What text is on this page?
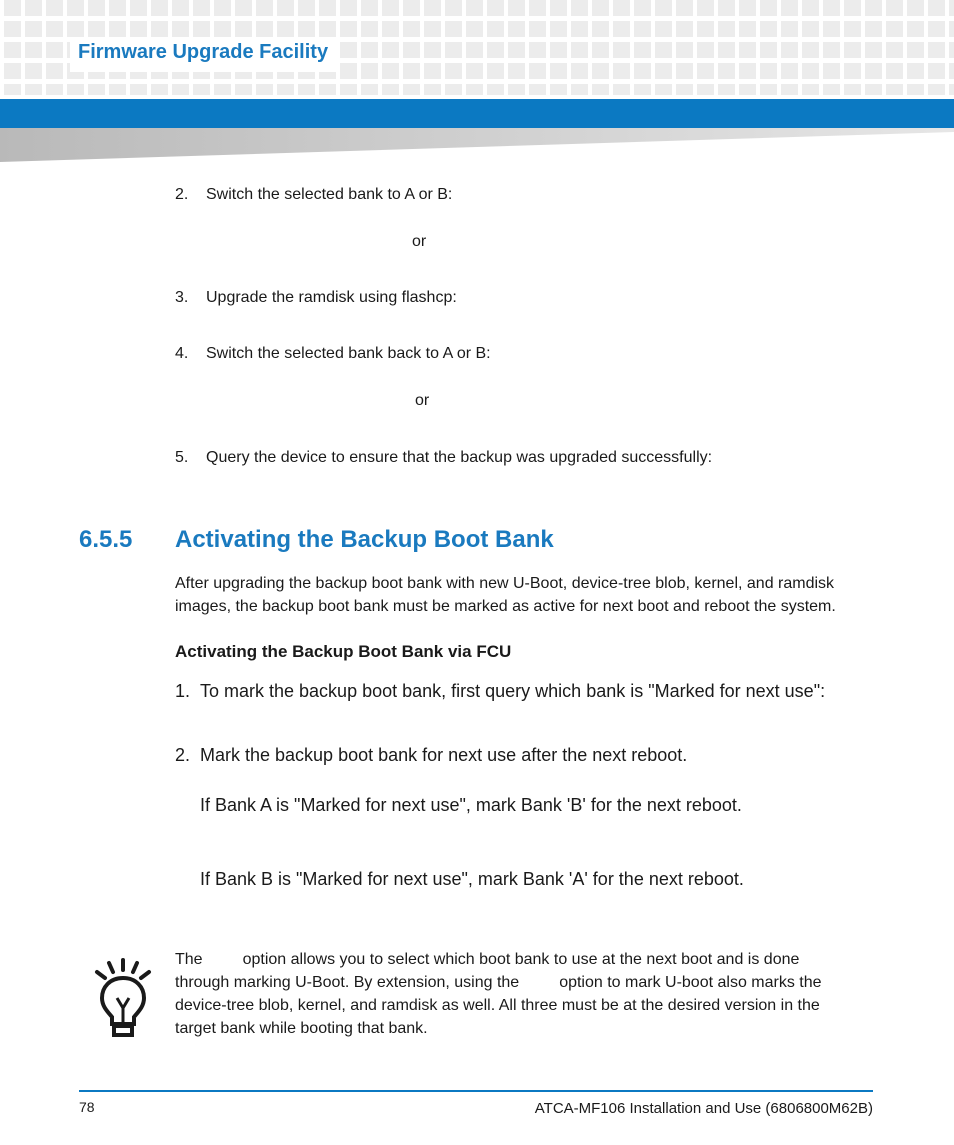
Firmware Upgrade Facility
2. Switch the selected bank to A or B:
or
3. Upgrade the ramdisk using flashcp:
4. Switch the selected bank back to A or B:
or
5. Query the device to ensure that the backup was upgraded successfully:
6.5.5 Activating the Backup Boot Bank
After upgrading the backup boot bank with new U-Boot, device-tree blob, kernel, and ramdisk
images, the backup boot bank must be marked as active for next boot and reboot the system.
Activating the Backup Boot Bank via FCU
1. To mark the backup boot bank, first query which bank is "Marked for next use":
2. Mark the backup boot bank for next use after the next reboot.
If Bank A is "Marked for next use", mark Bank 'B' for the next reboot.
If Bank B is "Marked for next use", mark Bank 'A' for the next reboot.
The	option allows you to select which boot bank to use at the next boot and is done
through marking U-Boot. By extension, using the	option to mark U-boot also marks the
device-tree blob, kernel, and ramdisk as well. All three must be at the desired version in the
target bank while booting that bank.
78	ATCA-MF106 Installation and Use (6806800M62B)
